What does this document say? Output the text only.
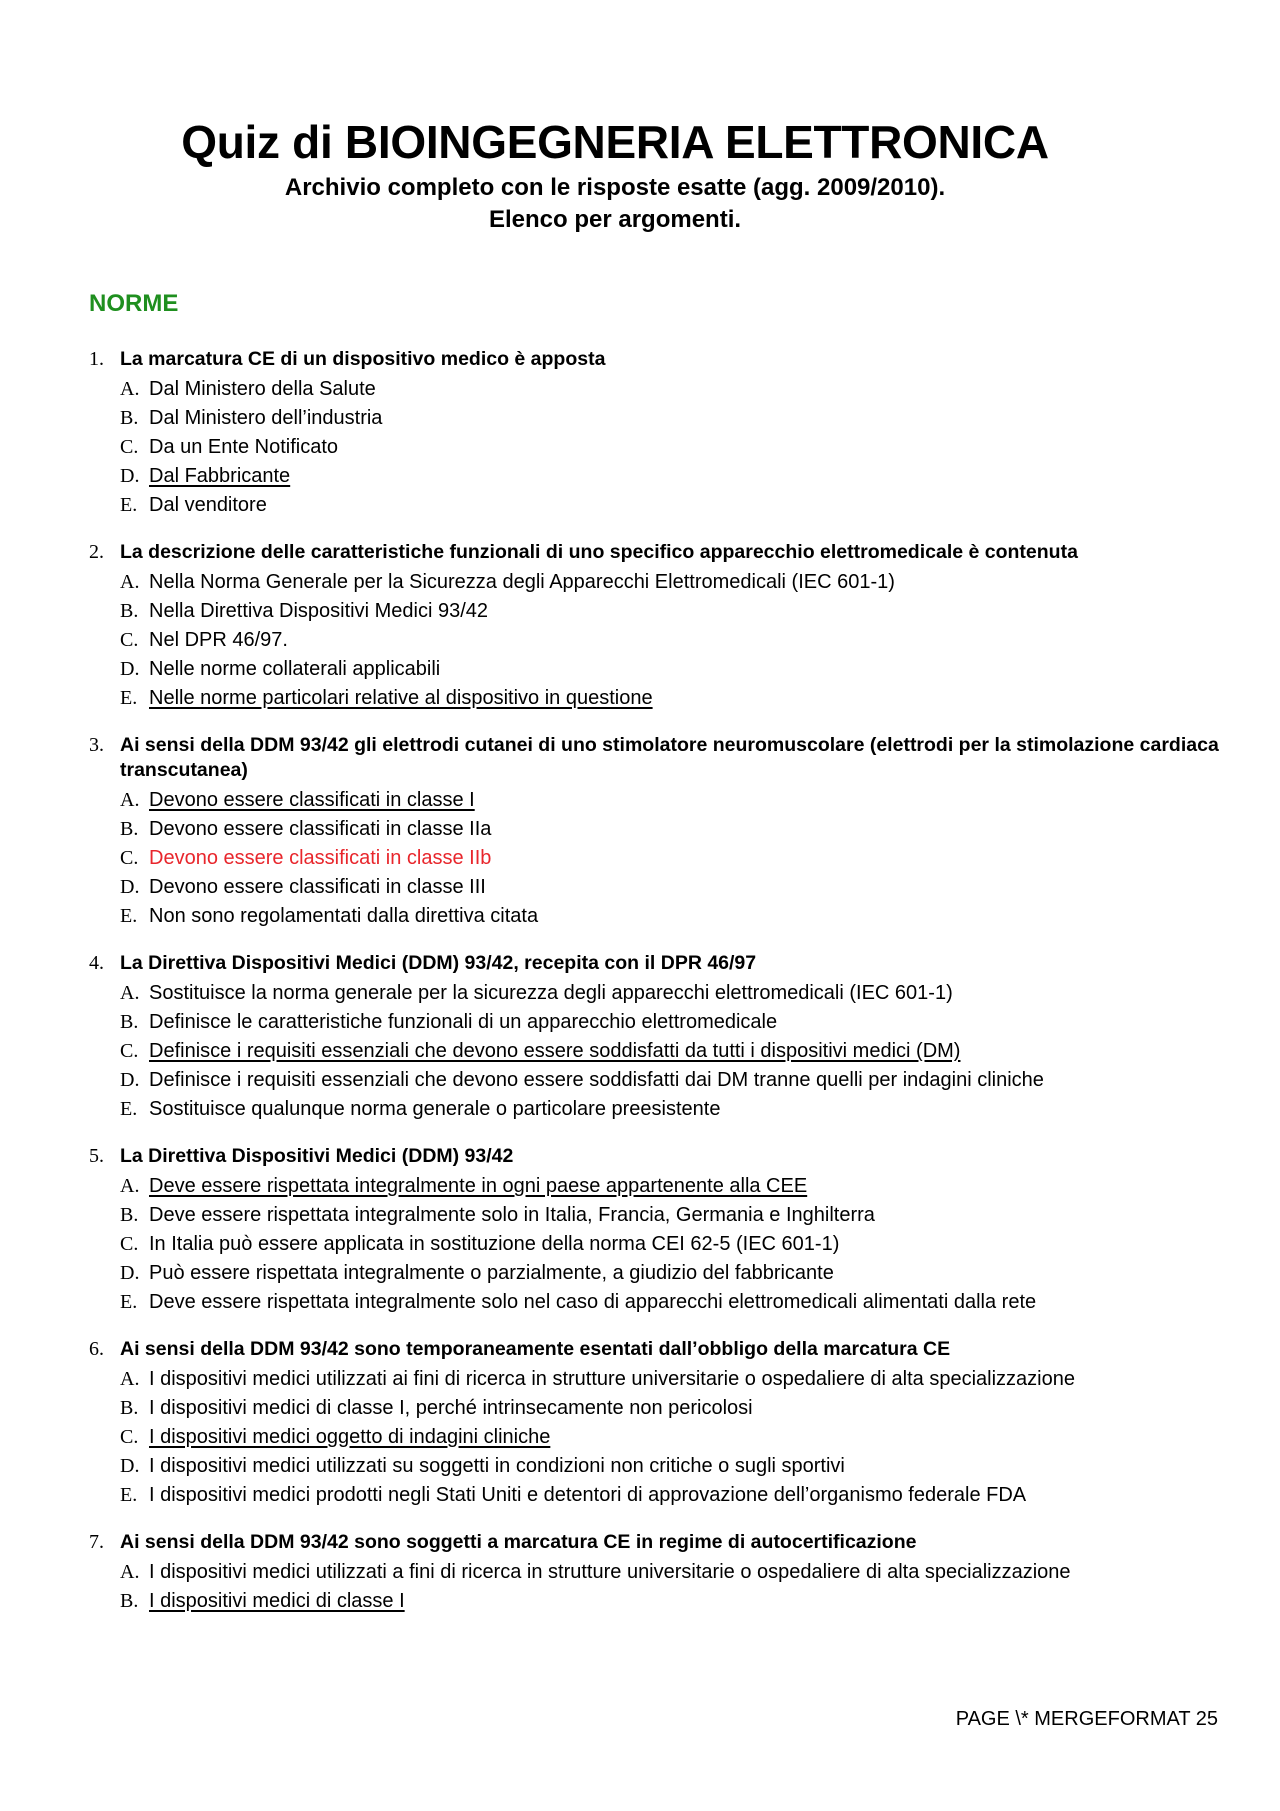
Quiz di BIOINGEGNERIA ELETTRONICA

Archivio completo con le risposte esatte (agg. 2009/2010).

Elenco per argomenti.

NORME
1. La marcatura CE di un dispositivo medico è apposta
A. Dal Ministero della Salute
B. Dal Ministero dell’industria
C. Da un Ente Notificato
D. Dal Fabbricante
E. Dal venditore
2. La descrizione delle caratteristiche funzionali di uno specifico apparecchio elettromedicale è contenuta
A. Nella Norma Generale per la Sicurezza degli Apparecchi Elettromedicali (IEC 601-1)
B. Nella Direttiva Dispositivi Medici 93/42
C. Nel DPR 46/97.
D. Nelle norme collaterali applicabili
E. Nelle norme particolari relative al dispositivo in questione
3. Ai sensi della DDM 93/42 gli elettrodi cutanei di uno stimolatore neuromuscolare (elettrodi per la stimolazione cardiaca transcutanea)
A. Devono essere classificati in classe I
B. Devono essere classificati in classe IIa
C. Devono essere classificati in classe IIb
D. Devono essere classificati in classe III
E. Non sono regolamentati dalla direttiva citata
4. La Direttiva Dispositivi Medici (DDM) 93/42, recepita con il DPR 46/97
A. Sostituisce la norma generale per la sicurezza degli apparecchi elettromedicali (IEC 601-1)
B. Definisce le caratteristiche funzionali di un apparecchio elettromedicale
C. Definisce i requisiti essenziali che devono essere soddisfatti da tutti i dispositivi medici (DM)
D. Definisce i requisiti essenziali che devono essere soddisfatti dai DM tranne quelli per indagini cliniche
E. Sostituisce qualunque norma generale o particolare preesistente
5. La Direttiva Dispositivi Medici (DDM) 93/42
A. Deve essere rispettata integralmente in ogni paese appartenente alla CEE
B. Deve essere rispettata integralmente solo in Italia, Francia, Germania e Inghilterra
C. In Italia può essere applicata in sostituzione della norma CEI 62-5 (IEC 601-1)
D. Può essere rispettata integralmente o parzialmente, a giudizio del fabbricante
E. Deve essere rispettata integralmente solo nel caso di apparecchi elettromedicali alimentati dalla rete
6. Ai sensi della DDM 93/42 sono temporaneamente esentati dall’obbligo della marcatura CE
A. I dispositivi medici utilizzati ai fini di ricerca in strutture universitarie o ospedaliere di alta specializzazione
B. I dispositivi medici di classe I, perché intrinsecamente non pericolosi
C. I dispositivi medici oggetto di indagini cliniche
D. I dispositivi medici utilizzati su soggetti in condizioni non critiche o sugli sportivi
E. I dispositivi medici prodotti negli Stati Uniti e detentori di approvazione dell’organismo federale FDA
7. Ai sensi della DDM 93/42 sono soggetti a marcatura CE in regime di autocertificazione
A. I dispositivi medici utilizzati a fini di ricerca in strutture universitarie o ospedaliere di alta specializzazione
B. I dispositivi medici di classe I
PAGE \* MERGEFORMAT 25
